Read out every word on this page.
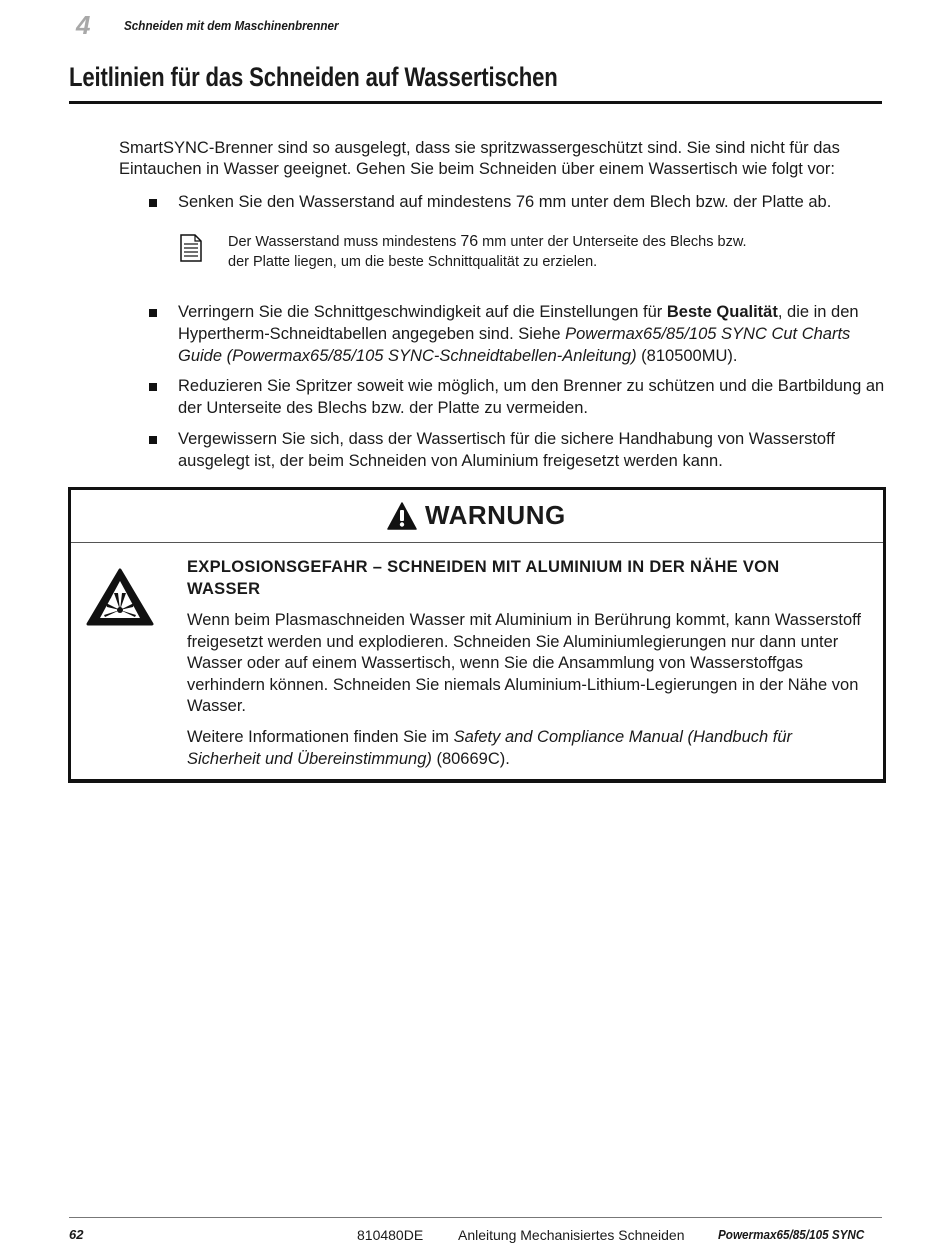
4	Schneiden mit dem Maschinenbrenner
Leitlinien für das Schneiden auf Wassertischen
SmartSYNC-Brenner sind so ausgelegt, dass sie spritzwassergeschützt sind. Sie sind nicht für das Eintauchen in Wasser geeignet. Gehen Sie beim Schneiden über einem Wassertisch wie folgt vor:
Senken Sie den Wasserstand auf mindestens 76 mm unter dem Blech bzw. der Platte ab.
Der Wasserstand muss mindestens 76 mm unter der Unterseite des Blechs bzw. der Platte liegen, um die beste Schnittqualität zu erzielen.
Verringern Sie die Schnittgeschwindigkeit auf die Einstellungen für Beste Qualität, die in den Hypertherm-Schneidtabellen angegeben sind. Siehe Powermax65/85/105 SYNC Cut Charts Guide (Powermax65/85/105 SYNC-Schneidtabellen-Anleitung) (810500MU).
Reduzieren Sie Spritzer soweit wie möglich, um den Brenner zu schützen und die Bartbildung an der Unterseite des Blechs bzw. der Platte zu vermeiden.
Vergewissern Sie sich, dass der Wassertisch für die sichere Handhabung von Wasserstoff ausgelegt ist, der beim Schneiden von Aluminium freigesetzt werden kann.
WARNUNG
EXPLOSIONSGEFAHR – SCHNEIDEN MIT ALUMINIUM IN DER NÄHE VON WASSER
Wenn beim Plasmaschneiden Wasser mit Aluminium in Berührung kommt, kann Wasserstoff freigesetzt werden und explodieren. Schneiden Sie Aluminiumlegierungen nur dann unter Wasser oder auf einem Wassertisch, wenn Sie die Ansammlung von Wasserstoffgas verhindern können. Schneiden Sie niemals Aluminium-Lithium-Legierungen in der Nähe von Wasser.
Weitere Informationen finden Sie im Safety and Compliance Manual (Handbuch für Sicherheit und Übereinstimmung) (80669C).
62	810480DE Anleitung Mechanisiertes Schneiden	Powermax65/85/105 SYNC
